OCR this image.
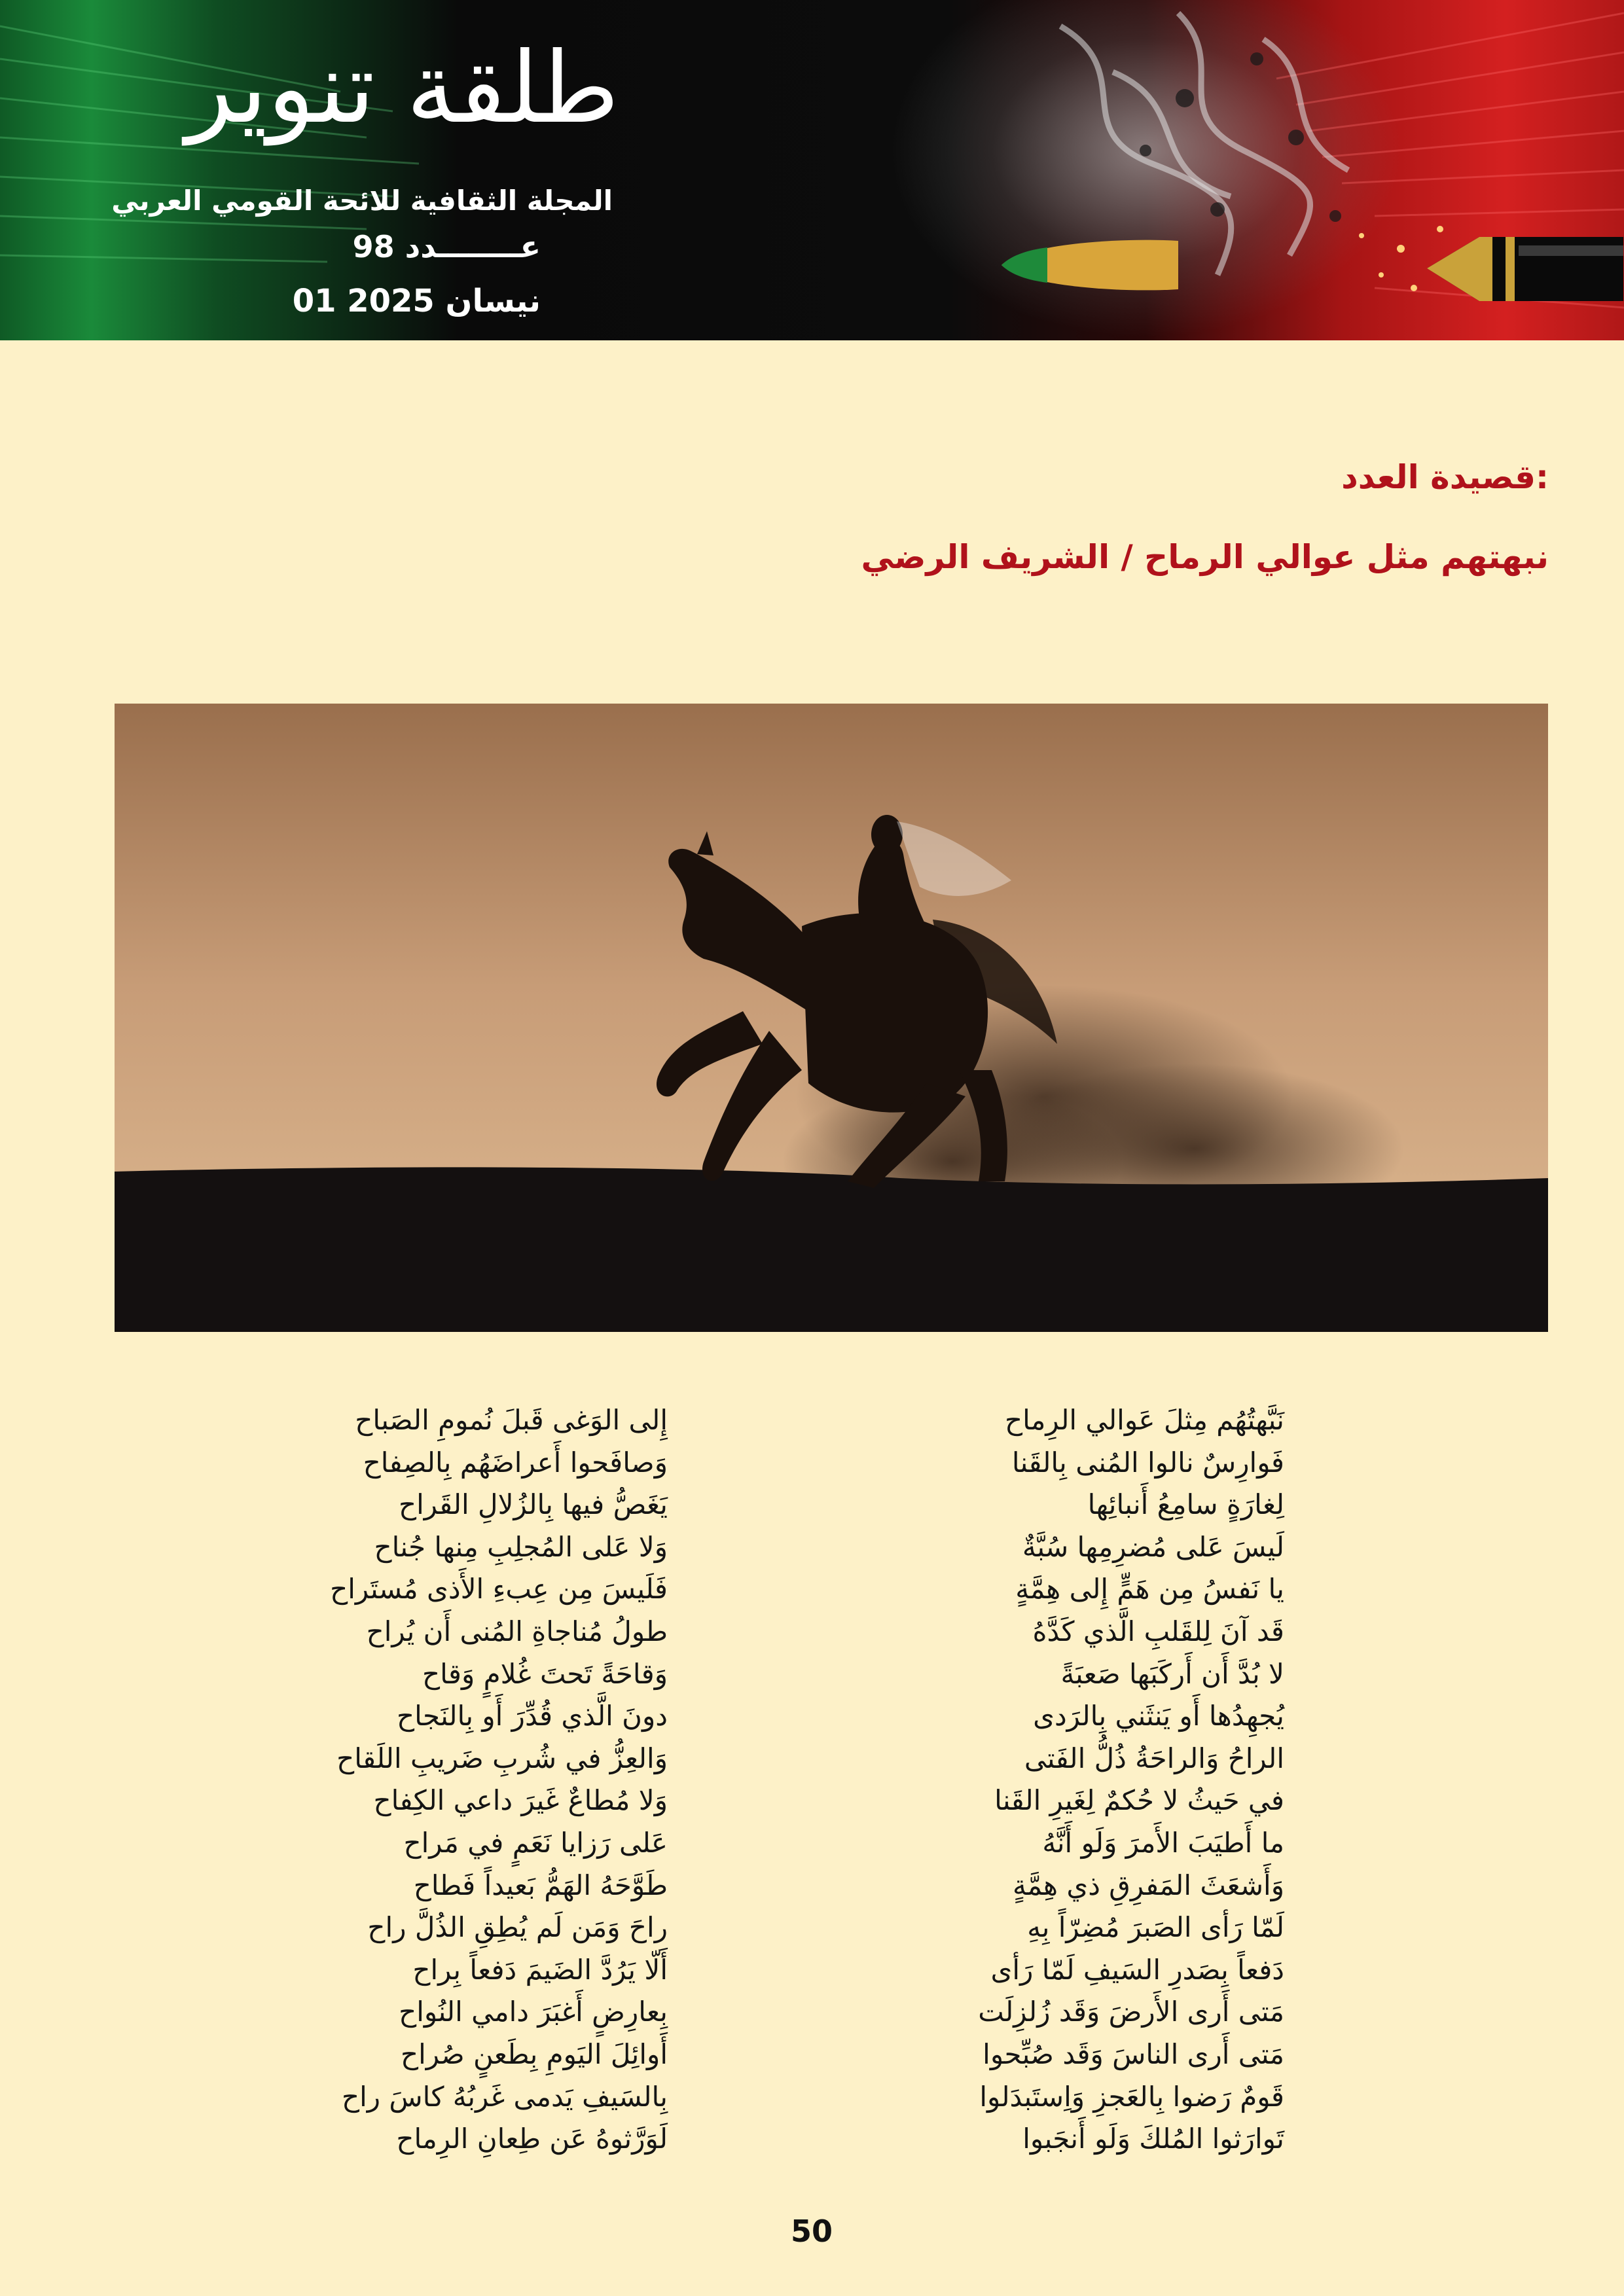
طلقة تنوير
المجلة الثقافية للائحة القومي العربي
عــــــــدد 98
01 نيسان 2025
قصيدة العدد:
نبهتهم مثل عوالي الرماح / الشريف الرضي
نَبَّهتُهُم مِثلَ عَوالي الرِماح
فَوارِسٌ نالوا المُنى بِالقَنا
لِغارَةٍ سامِعُ أَنبائِها
لَيسَ عَلى مُضرِمِها سُبَّةٌ
يا نَفسُ مِن هَمٍّ إِلى هِمَّةٍ
قَد آنَ لِلقَلبِ الَّذي كَدَّهُ
لا بُدَّ أَن أَركَبَها صَعبَةً
يُجهِدُها أَو يَنثَني بِالرَدى
الراحُ وَالراحَةُ ذُلُّ الفَتى
في حَيثُ لا حُكمٌ لِغَيرِ القَنا
ما أَطيَبَ الأَمرَ وَلَو أَنَّهُ
وَأَشعَثَ المَفرِقِ ذي هِمَّةٍ
لَمّا رَأى الصَبرَ مُضِرّاً بِهِ
دَفعاً بِصَدرِ السَيفِ لَمّا رَأى
مَتى أَرى الأَرضَ وَقَد زُلزِلَت
مَتى أَرى الناسَ وَقَد صُبِّحوا
قَومٌ رَضوا بِالعَجزِ وَاِستَبدَلوا
تَوارَثوا المُلكَ وَلَو أَنجَبوا
إِلى الوَغى قَبلَ نُمومِ الصَباح
وَصافَحوا أَعراضَهُم بِالصِفاح
يَغَصُّ فيها بِالزُلالِ القَراح
وَلا عَلى المُجلِبِ مِنها جُناح
فَلَيسَ مِن عِبءِ الأَذى مُستَراح
طولُ مُناجاةِ المُنى أَن يُراح
وَقاحَةً تَحتَ غُلامٍ وَقاح
دونَ الَّذي قُدِّرَ أَو بِالنَجاح
وَالعِزُّ في شُربِ ضَريبِ اللَقاح
وَلا مُطاعٌ غَيرَ داعي الكِفاح
عَلى رَزايا نَعَمٍ في مَراح
طَوَّحَهُ الهَمُّ بَعيداً فَطاح
راحَ وَمَن لَم يُطِقِ الذُلَّ راح
أَلّا يَرُدَّ الضَيمَ دَفعاً بِراح
بِعارِضٍ أَغبَرَ دامي النُواح
أَوائِلَ اليَومِ بِطَعنٍ صُراح
بِالسَيفِ يَدمى غَربُهُ كاسَ راح
لَوَرَّثوهُ عَن طِعانِ الرِماح
50
